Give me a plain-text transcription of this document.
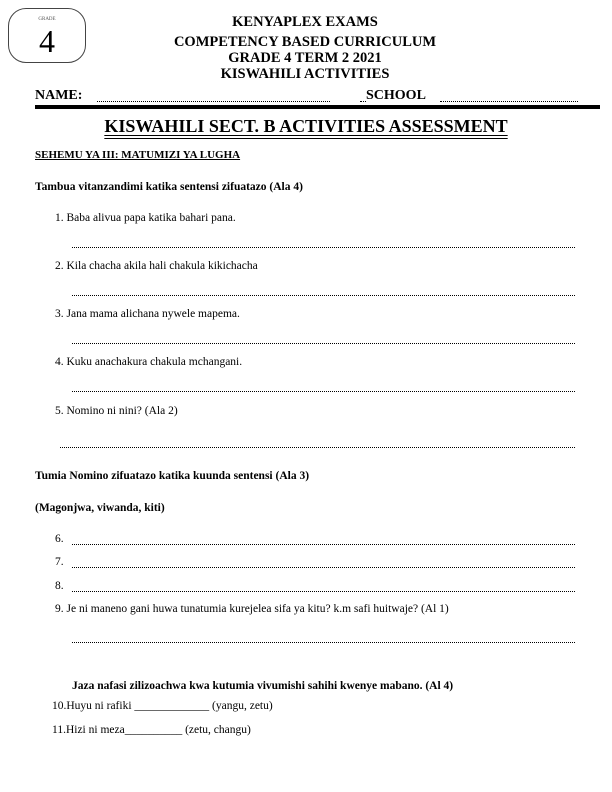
GRADE
4
KENYAPLEX EXAMS
COMPETENCY BASED CURRICULUM
GRADE 4 TERM 2 2021
KISWAHILI ACTIVITIES
NAME:	SCHOOL
KISWAHILI SECT. B ACTIVITIES ASSESSMENT
SEHEMU YA III: MATUMIZI YA LUGHA
Tambua vitanzandimi katika sentensi zifuatazo (Ala 4)
1. Baba alivua papa katika bahari pana.
2. Kila chacha akila hali chakula kikichacha
3. Jana mama alichana nywele mapema.
4. Kuku anachakura chakula mchangani.
5. Nomino ni nini? (Ala 2)
Tumia Nomino zifuatazo katika kuunda sentensi (Ala 3)
(Magonjwa, viwanda, kiti)
6.
7.
8.
9. Je ni maneno gani huwa tunatumia kurejelea sifa ya kitu? k.m safi huitwaje? (Al 1)
Jaza nafasi zilizoachwa kwa kutumia vivumishi sahihi kwenye mabano. (Al 4)
10.Huyu ni rafiki _____________ (yangu, zetu)
11.Hizi ni meza__________ (zetu, changu)
